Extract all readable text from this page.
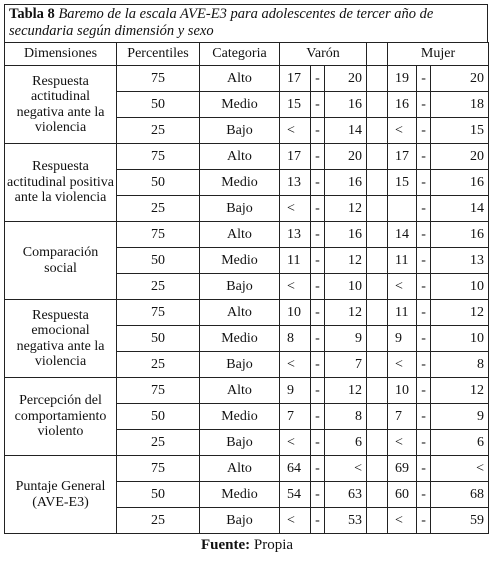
Tabla 8 Baremo de la escala AVE-E3 para adolescentes de tercer año de secundaria según dimensión y sexo
Dimensiones	Percentiles	Categoria	Varón				Mujer		
Respuesta actitudinal negativa ante la violencia	75	Alto	17	-	20		19	-	20
	50	Medio	15	-	16		16	-	18
	25	Bajo	<	-	14		<	-	15
Respuesta actitudinal positiva ante la violencia	75	Alto	17	-	20		17	-	20
	50	Medio	13	-	16		15	-	16
	25	Bajo	<	-	12			-	14
Comparación social	75	Alto	13	-	16		14	-	16
	50	Medio	11	-	12		11	-	13
	25	Bajo	<	-	10		<	-	10
Respuesta emocional negativa ante la violencia	75	Alto	10	-	12		11	-	12
	50	Medio	8	-	9		9	-	10
	25	Bajo	<	-	7		<	-	8
Percepción del comportamiento violento	75	Alto	9	-	12		10	-	12
	50	Medio	7	-	8		7	-	9
	25	Bajo	<	-	6		<	-	6
Puntaje General (AVE-E3)	75	Alto	64	-	<		69	-	<
	50	Medio	54	-	63		60	-	68
	25	Bajo	<	-	53		<	-	59
Fuente: Propia
